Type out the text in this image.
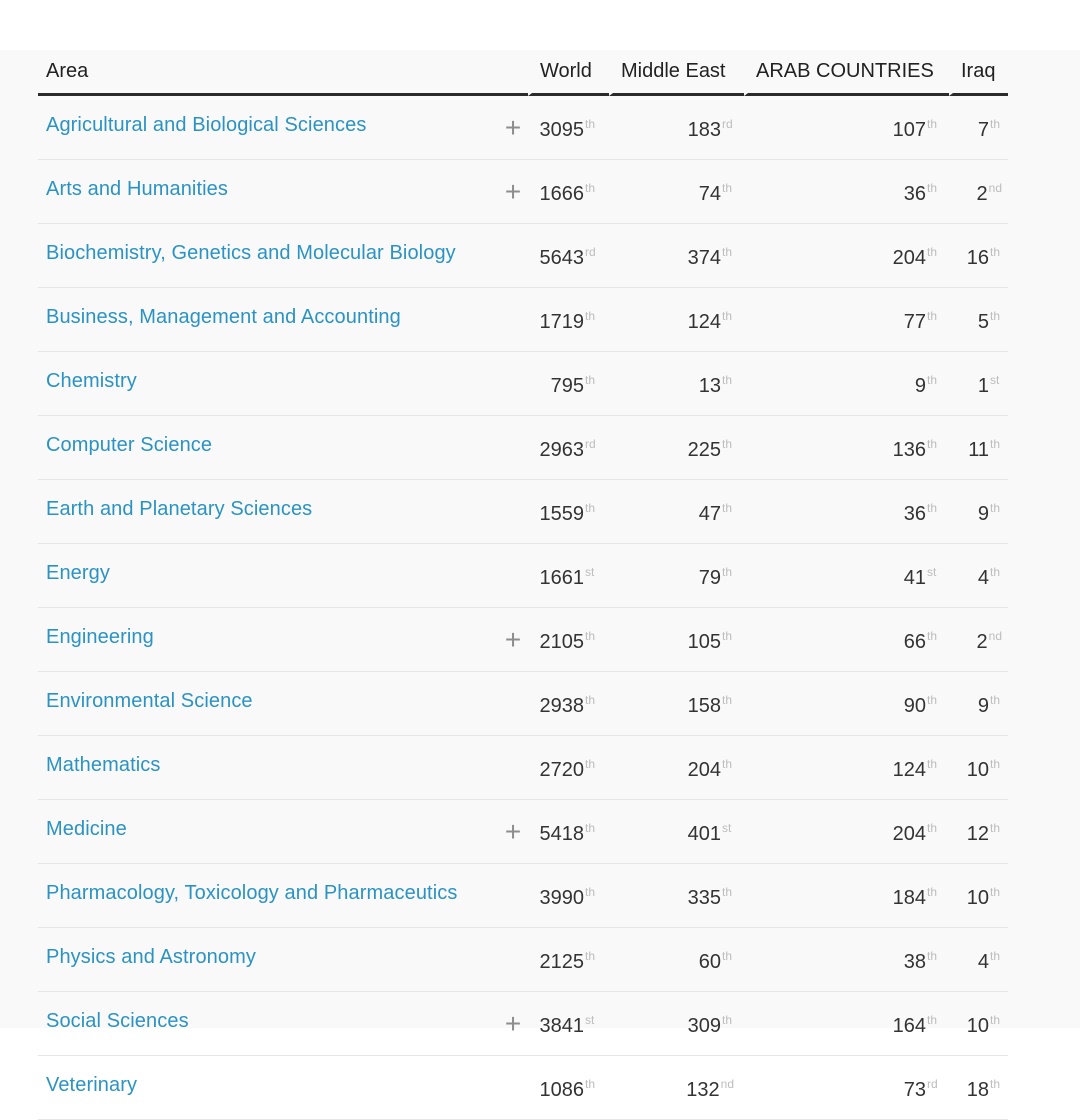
Area		World	Middle East	ARAB COUNTRIES	Iraq
Agricultural and Biological Sciences	+	3095th	183rd	107th	7th
Arts and Humanities	+	1666th	74th	36th	2nd
Biochemistry, Genetics and Molecular Biology		5643rd	374th	204th	16th
Business, Management and Accounting		1719th	124th	77th	5th
Chemistry		795th	13th	9th	1st
Computer Science		2963rd	225th	136th	11th
Earth and Planetary Sciences		1559th	47th	36th	9th
Energy		1661st	79th	41st	4th
Engineering	+	2105th	105th	66th	2nd
Environmental Science		2938th	158th	90th	9th
Mathematics		2720th	204th	124th	10th
Medicine	+	5418th	401st	204th	12th
Pharmacology, Toxicology and Pharmaceutics		3990th	335th	184th	10th
Physics and Astronomy		2125th	60th	38th	4th
Social Sciences	+	3841st	309th	164th	10th
Veterinary		1086th	132nd	73rd	18th
